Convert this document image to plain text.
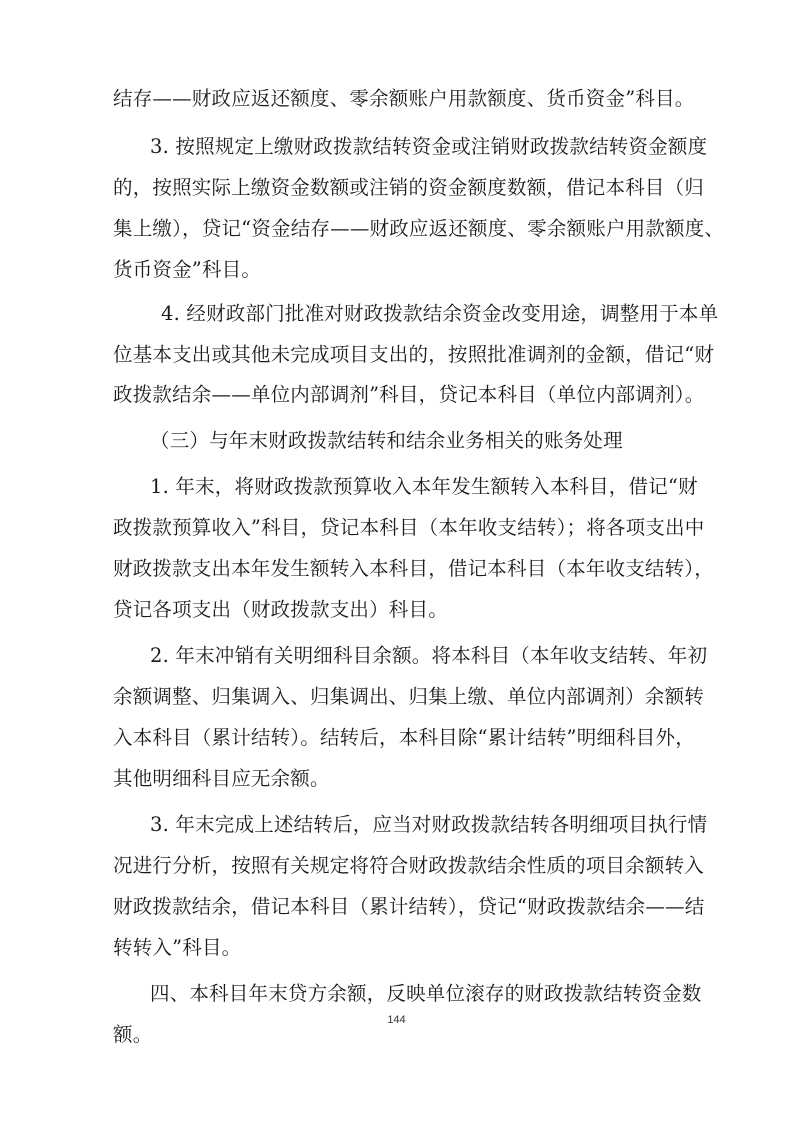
结存——财政应返还额度、零余额账户用款额度、货币资金”科目。
3. 按照规定上缴财政拨款结转资金或注销财政拨款结转资金额度
的，按照实际上缴资金数额或注销的资金额度数额，借记本科目（归
集上缴），贷记“资金结存——财政应返还额度、零余额账户用款额度、
货币资金”科目。
4. 经财政部门批准对财政拨款结余资金改变用途，调整用于本单
位基本支出或其他未完成项目支出的，按照批准调剂的金额，借记“财
政拨款结余——单位内部调剂”科目，贷记本科目（单位内部调剂）。
（三）与年末财政拨款结转和结余业务相关的账务处理
1. 年末，将财政拨款预算收入本年发生额转入本科目，借记“财
政拨款预算收入”科目，贷记本科目（本年收支结转）；将各项支出中
财政拨款支出本年发生额转入本科目，借记本科目（本年收支结转），
贷记各项支出（财政拨款支出）科目。
2. 年末冲销有关明细科目余额。将本科目（本年收支结转、年初
余额调整、归集调入、归集调出、归集上缴、单位内部调剂）余额转
入本科目（累计结转）。结转后，本科目除“累计结转”明细科目外，
其他明细科目应无余额。
3. 年末完成上述结转后，应当对财政拨款结转各明细项目执行情
况进行分析，按照有关规定将符合财政拨款结余性质的项目余额转入
财政拨款结余，借记本科目（累计结转），贷记“财政拨款结余——结
转转入”科目。
四、本科目年末贷方余额，反映单位滚存的财政拨款结转资金数
额。
144
